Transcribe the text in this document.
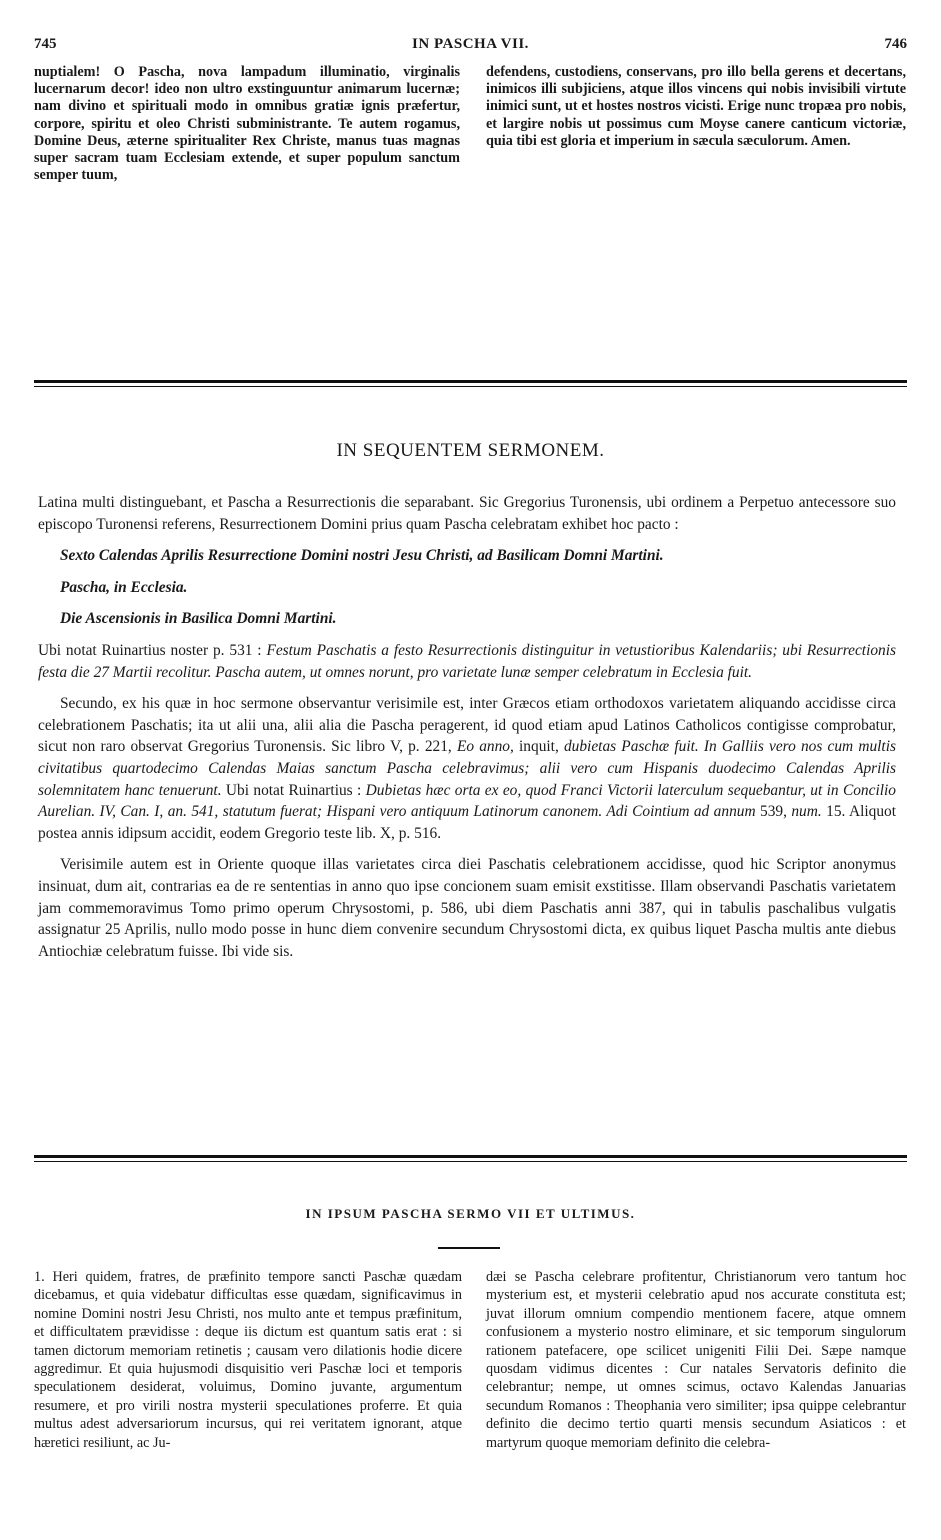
745	IN PASCHA VII.	746
nuptialem! O Pascha, nova lampadum illuminatio, virginalis lucernarum decor! ideo non ultro exstinguuntur animarum lucernæ; nam divino et spirituali modo in omnibus gratiæ ignis præfertur, corpore, spiritu et oleo Christi subministrante. Te autem rogamus, Domine Deus, æterne spiritualiter Rex Christe, manus tuas magnas super sacram tuam Ecclesiam extende, et super populum sanctum semper tuum,
defendens, custodiens, conservans, pro illo bella gerens et decertans, inimicos illi subjiciens, atque illos vincens qui nobis invisibili virtute inimici sunt, ut et hostes nostros vicisti. Erige nunc tropæa pro nobis, et largire nobis ut possimus cum Moyse canere canticum victoriæ, quia tibi est gloria et imperium in sæcula sæculorum. Amen.
IN SEQUENTEM SERMONEM.

Latina multi distinguebant, et Pascha a Resurrectionis die separabant. Sic Gregorius Turonensis, ubi ordinem a Perpetuo antecessore suo episcopo Turonensi referens, Resurrectionem Domini prius quam Pascha celebratam exhibet hoc pacto :

Sexto Calendas Aprilis Resurrectione Domini nostri Jesu Christi, ad Basilicam Domni Martini.

Pascha, in Ecclesia.

Die Ascensionis in Basilica Domni Martini.

Ubi notat Ruinartius noster p. 531 : Festum Paschatis a festo Resurrectionis distinguitur in vetustioribus Kalendariis; ubi Resurrectionis festa die 27 Martii recolitur. Pascha autem, ut omnes norunt, pro varietate lunæ semper celebratum in Ecclesia fuit.

Secundo, ex his quæ in hoc sermone observantur verisimile est, inter Græcos etiam orthodoxos varietatem aliquando accidisse circa celebrationem Paschatis; ita ut alii una, alii alia die Pascha peragerent, id quod etiam apud Latinos Catholicos contigisse comprobatur, sicut non raro observat Gregorius Turonensis. Sic libro V, p. 221, Eo anno, inquit, dubietas Paschæ fuit. In Galliis vero nos cum multis civitatibus quartodecimo Calendas Maias sanctum Pascha celebravimus; alii vero cum Hispanis duodecimo Calendas Aprilis solemnitatem hanc tenuerunt. Ubi notat Ruinartius : Dubietas hæc orta ex eo, quod Franci Victorii laterculum sequebantur, ut in Concilio Aurelian. IV, Can. I, an. 541, statutum fuerat; Hispani vero antiquum Latinorum canonem. Adi Cointium ad annum 539, num. 15. Aliquot postea annis idipsum accidit, eodem Gregorio teste lib. X, p. 516.

Verisimile autem est in Oriente quoque illas varietates circa diei Paschatis celebrationem accidisse, quod hic Scriptor anonymus insinuat, dum ait, contrarias ea de re sententias in anno quo ipse concionem suam emisit exstitisse. Illam observandi Paschatis varietatem jam commemoravimus Tomo primo operum Chrysostomi, p. 586, ubi diem Paschatis anni 387, qui in tabulis paschalibus vulgatis assignatur 25 Aprilis, nullo modo posse in hunc diem convenire secundum Chrysostomi dicta, ex quibus liquet Pascha multis ante diebus Antiochiæ celebratum fuisse. Ibi vide sis.

IN IPSUM PASCHA SERMO VII ET ULTIMUS.
1. Heri quidem, fratres, de præfinito tempore sancti Paschæ quædam dicebamus, et quia videbatur difficultas esse quædam, significavimus in nomine Domini nostri Jesu Christi, nos multo ante et tempus præfinitum, et difficultatem prævidisse : deque iis dictum est quantum satis erat : si tamen dictorum memoriam retinetis ; causam vero dilationis hodie dicere aggredimur. Et quia hujusmodi disquisitio veri Paschæ loci et temporis speculationem desiderat, voluimus, Domino juvante, argumentum resumere, et pro virili nostra mysterii speculationes proferre. Et quia multus adest adversariorum incursus, qui rei veritatem ignorant, atque hæretici resiliunt, ac Ju-
dæi se Pascha celebrare profitentur, Christianorum vero tantum hoc mysterium est, et mysterii celebratio apud nos accurate constituta est; juvat illorum omnium compendio mentionem facere, atque omnem confusionem a mysterio nostro eliminare, et sic temporum singulorum rationem patefacere, ope scilicet unigeniti Filii Dei. Sæpe namque quosdam vidimus dicentes : Cur natales Servatoris definito die celebrantur; nempe, ut omnes scimus, octavo Kalendas Januarias secundum Romanos : Theophania vero similiter; ipsa quippe celebrantur definito die decimo tertio quarti mensis secundum Asiaticos : et martyrum quoque memoriam definito die celebra-
